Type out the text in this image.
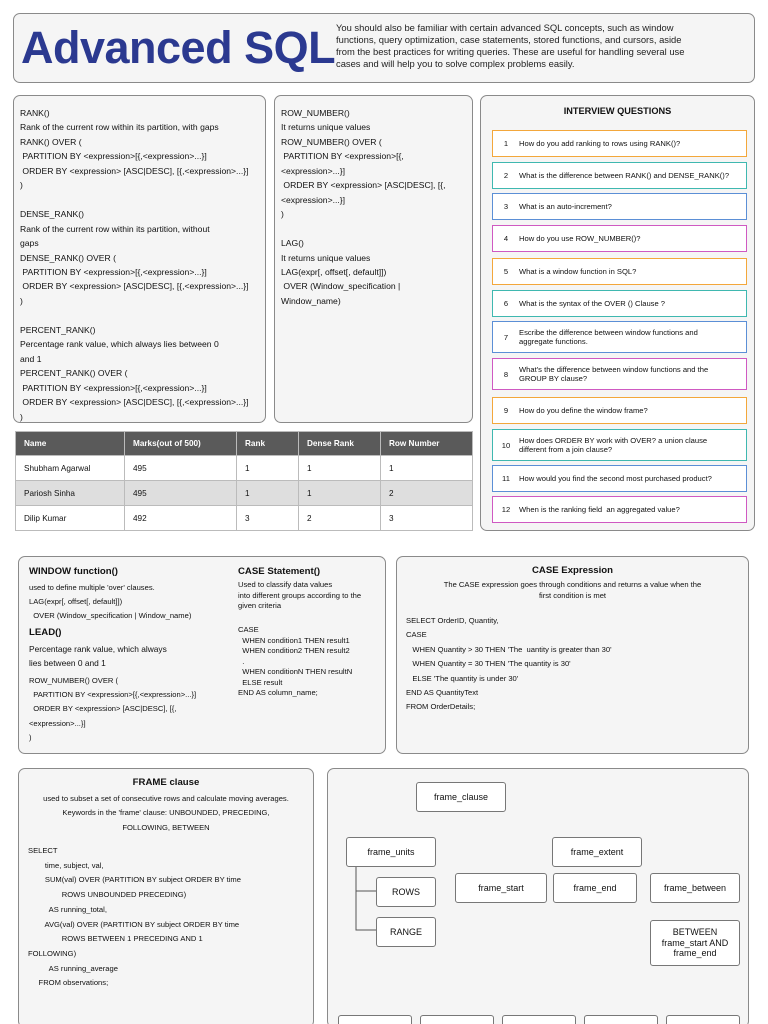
Advanced SQL You should also be familiar with certain advanced SQL concepts, such as window
functions, query optimization, case statements, stored functions, and cursors, aside
from the best practices for writing queries. These are useful for handling several use
cases and will help you to solve complex problems easily.
RANK()
Rank of the current row within its partition, with gaps
RANK() OVER (
PARTITION BY <expression>[{,<expression>...}]
ORDER BY <expression> [ASC|DESC], [{,<expression>...}]
)

DENSE_RANK()
Rank of the current row within its partition, without
gaps
DENSE_RANK() OVER (
PARTITION BY <expression>[{,<expression>...}]
ORDER BY <expression> [ASC|DESC], [{,<expression>...}]
)

PERCENT_RANK()
Percentage rank value, which always lies between 0
and 1
PERCENT_RANK() OVER (
PARTITION BY <expression>[{,<expression>...}]
ORDER BY <expression> [ASC|DESC], [{,<expression>...}]
)
ROW_NUMBER()
It returns unique values
ROW_NUMBER() OVER (
PARTITION BY <expression>[{,
<expression>...}]
ORDER BY <expression> [ASC|DESC], [{,
<expression>...}]
)

LAG()
It returns unique values
LAG(expr[, offset[, default]])
OVER (Window_specification |
Window_name)
INTERVIEW QUESTIONS
1	How do you add ranking to rows using RANK()?
2	What is the difference between RANK() and DENSE_RANK()?
3	What is an auto-increment?
4	How do you use ROW_NUMBER()?
5	What is a window function in SQL?
6	What is the syntax of the OVER () Clause ?
7
Escribe the difference between window functions and
aggregate functions.
8
What's the difference between window functions and the
GROUP BY clause?
9	How do you define the window frame?
10
How does ORDER BY work with OVER? a union clause
different from a join clause?
11	How would you find the second most purchased product?
12	When is the ranking field  an aggregated value?
Name	Marks(out of 500)	Rank	Dense Rank	Row Number
Shubham Agarwal	495	1	1	1
Pariosh Sinha	495	1	1	2
Dilip Kumar	492	3	2	3
WINDOW function()
used to define multiple 'over' clauses.
LAG(expr[, offset[, default]])
OVER (Window_specification | Window_name)
LEAD()
Percentage rank value, which always
lies between 0 and 1
ROW_NUMBER() OVER (
PARTITION BY <expression>[{,<expression>...}]
ORDER BY <expression> [ASC|DESC], [{,
<expression>...}]
)
CASE Statement()
Used to classify data values
into different groups according to the
given criteria
CASE
WHEN condition1 THEN result1
WHEN condition2 THEN result2
.
WHEN conditionN THEN resultN
ELSE result
END AS column_name;
CASE Expression
The CASE expression goes through conditions and returns a value when the
first condition is met
SELECT OrderID, Quantity,
CASE
WHEN Quantity > 30 THEN 'The  uantity is greater than 30'
WHEN Quantity = 30 THEN 'The quantity is 30'
ELSE 'The quantity is under 30'
END AS QuantityText
FROM OrderDetails;
FRAME clause
used to subset a set of consecutive rows and calculate moving averages.
Keywords in the 'frame' clause: UNBOUNDED, PRECEDING,
FOLLOWING, BETWEEN
SELECT
time, subject, val,
SUM(val) OVER (PARTITION BY subject ORDER BY time
ROWS UNBOUNDED PRECEDING)
AS running_total,
AVG(val) OVER (PARTITION BY subject ORDER BY time
ROWS BETWEEN 1 PRECEDING AND 1
FOLLOWING)
AS running_average
FROM observations;
frame_clause
frame_units	frame_extent
ROWS
RANGE
frame_start	frame_end	frame_between
BETWEEN
frame_start AND
frame_end
